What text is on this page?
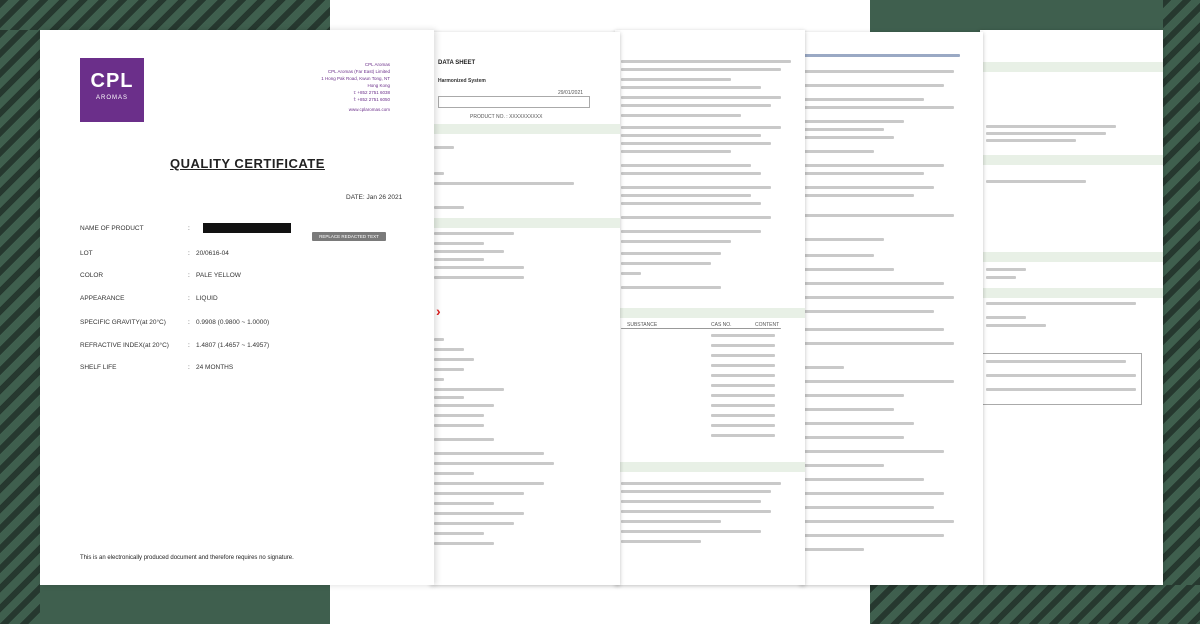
SUBSTANCE	CAS NO.	CONTENT
DATA SHEET
Harmonized System
29/01/2021
PRODUCT NO. : XXXXXXXXXX
›
CPL
AROMAS
CPL Aromas
CPL Aromas (Far East) Limited
1 Hong Pak Road, Kwun Tong, NT
Hong Kong
t: +852 2751 6038
f: +852 2751 6050
www.cplaromas.com
QUALITY CERTIFICATE
DATE: Jan 26 2021
NAME OF PRODUCT	:
REPLACE REDACTED TEXT
LOT	: 20/0616-04
COLOR	: PALE YELLOW
APPEARANCE	: LIQUID
SPECIFIC GRAVITY(at 20°C)	: 0.9908 (0.9800 ~ 1.0000)
REFRACTIVE INDEX(at 20°C)	: 1.4807 (1.4657 ~ 1.4957)
SHELF LIFE	: 24 MONTHS
This is an electronically produced document and therefore requires no signature.
